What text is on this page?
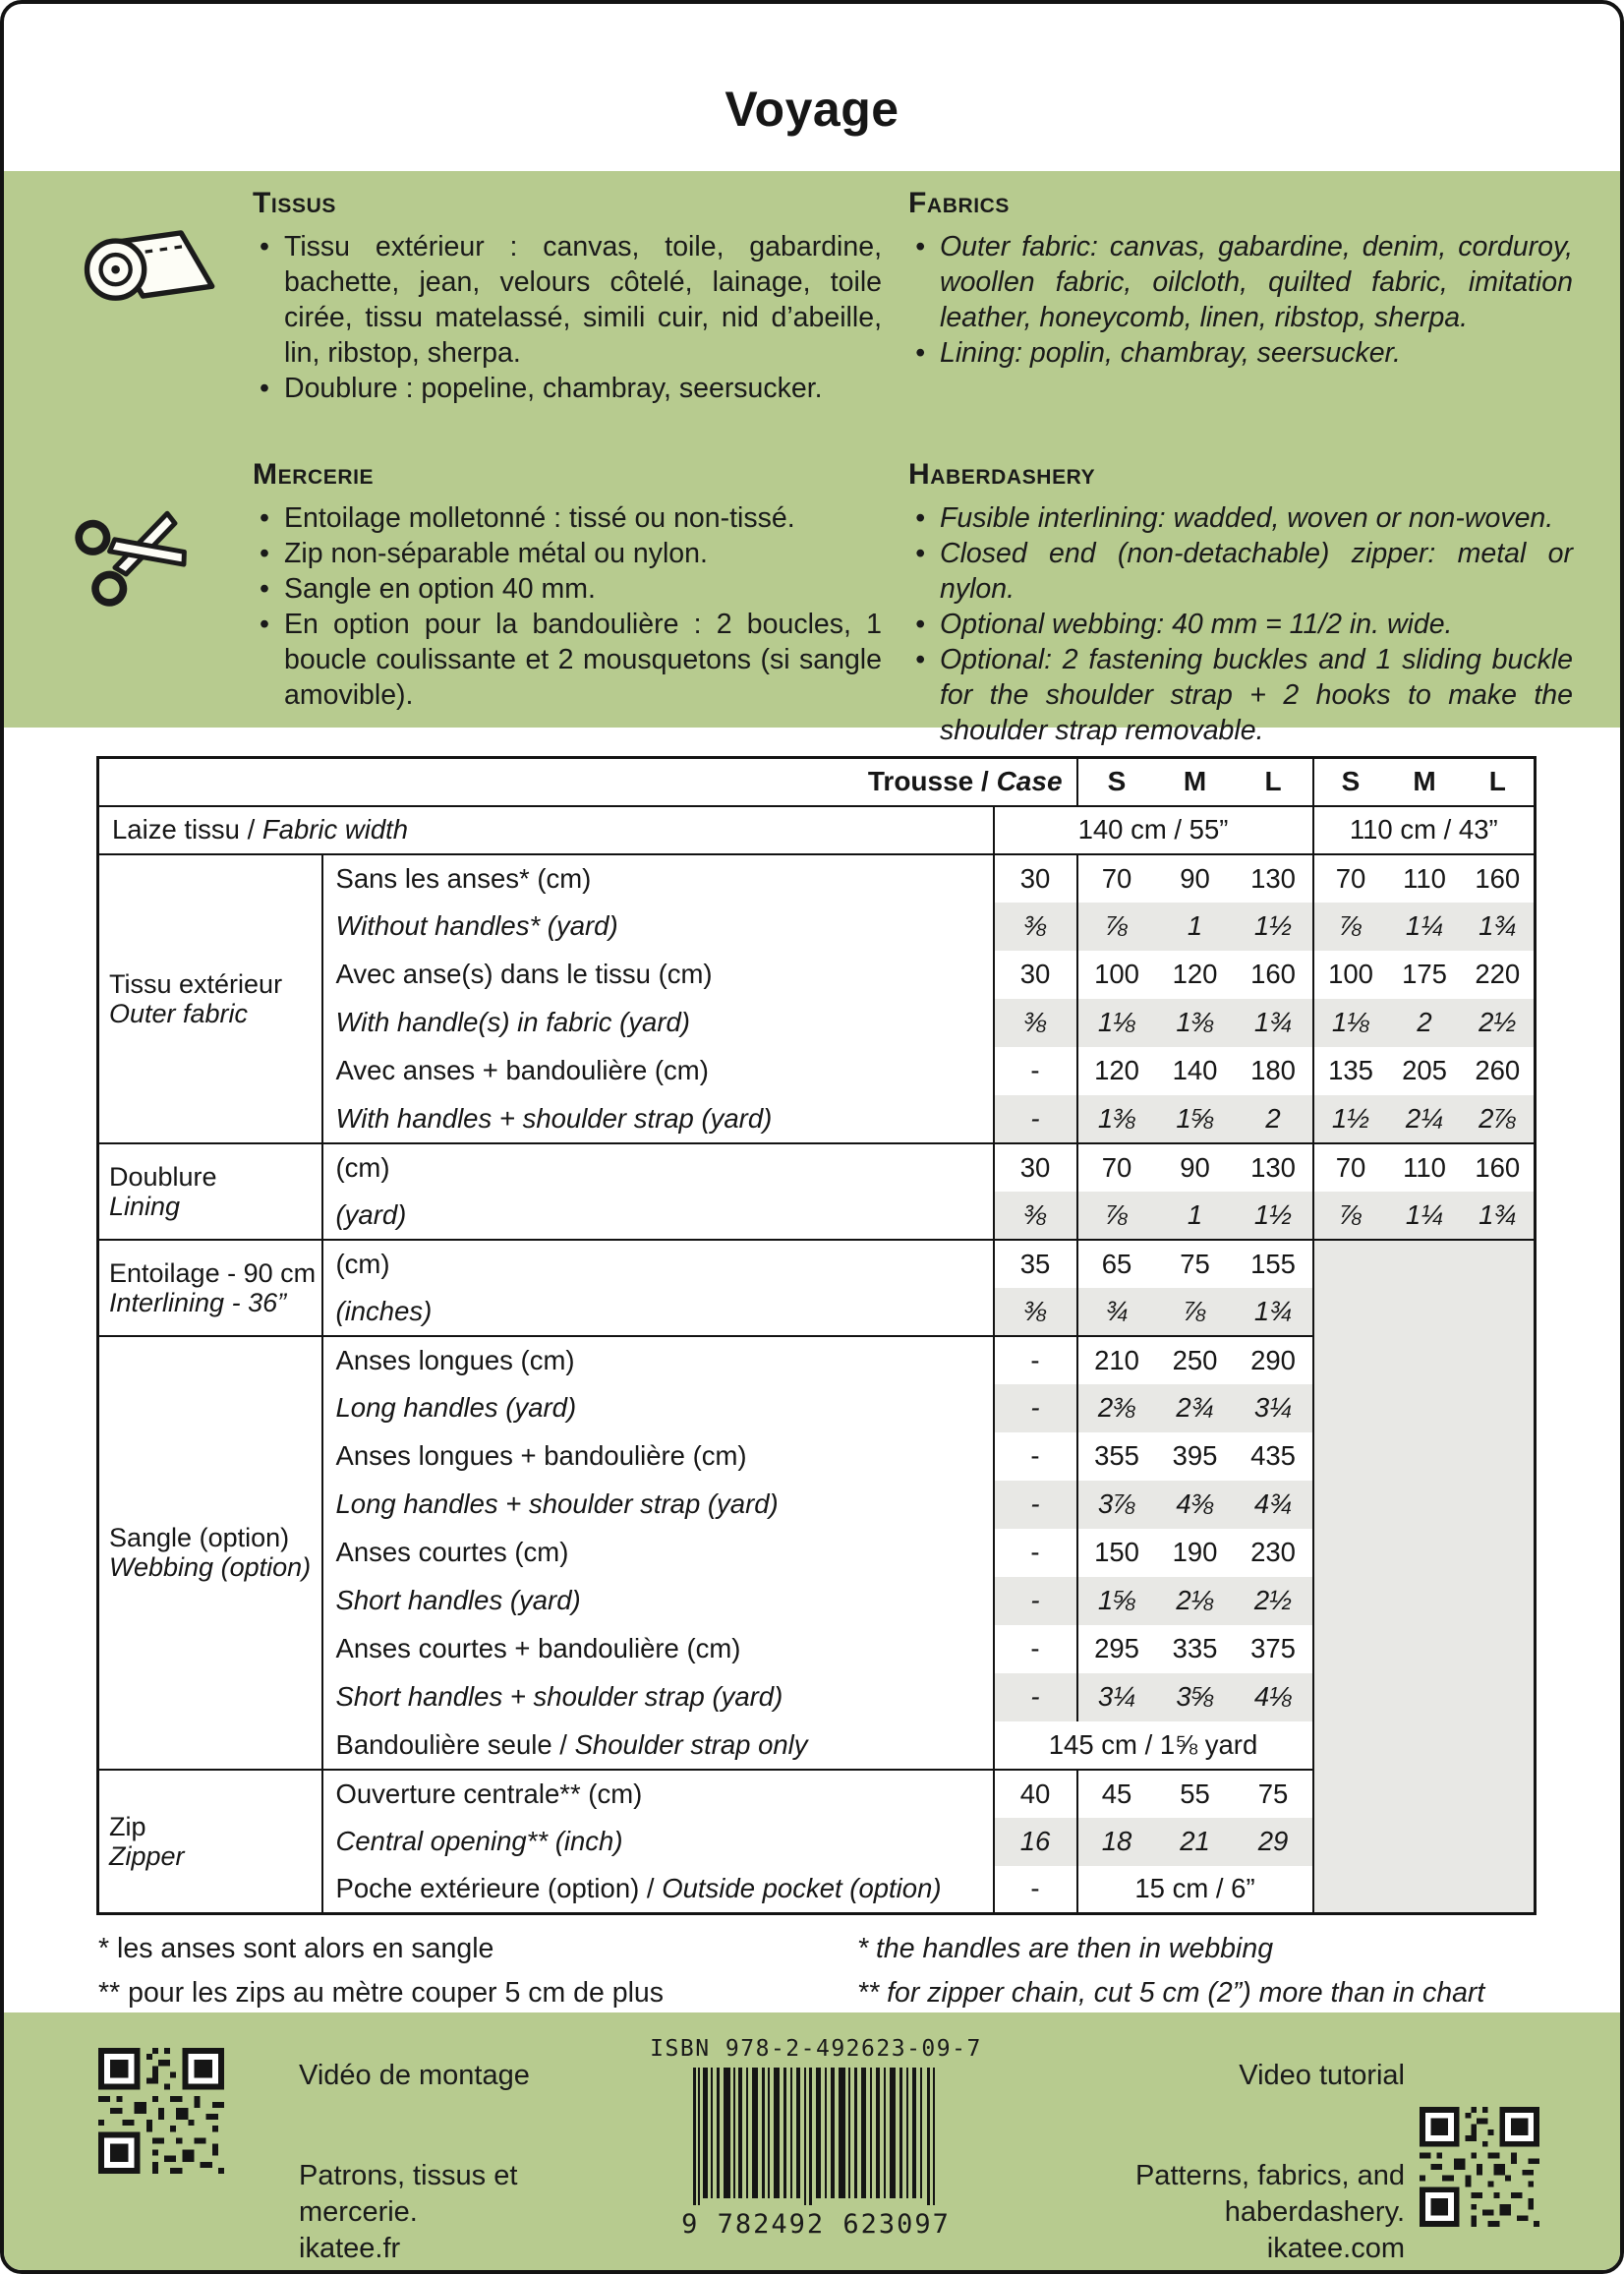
Voyage
Tissus
• Tissu extérieur : canvas, toile, gabardine, bachette, jean, velours côtelé, lainage, toile cirée, tissu matelassé, simili cuir, nid d’abeille, lin, ribstop, sherpa.
• Doublure : popeline, chambray, seersucker.
Mercerie
• Entoilage molletonné : tissé ou non-tissé.
• Zip non-séparable métal ou nylon.
• Sangle en option 40 mm.
• En option pour la bandoulière : 2 boucles, 1 boucle coulissante et 2 mousquetons (si sangle amovible).
Fabrics
• Outer fabric: canvas, gabardine, denim, corduroy, woollen fabric, oilcloth, quilted fabric, imitation leather, honeycomb, linen, ribstop, sherpa.
• Lining: poplin, chambray, seersucker.
Haberdashery
• Fusible interlining: wadded, woven or non-woven.
• Closed end (non-detachable) zipper: metal or nylon.
• Optional webbing: 40 mm = 11/2 in. wide.
• Optional: 2 fastening buckles and 1 sliding buckle for the shoulder strap + 2 hooks to make the shoulder strap removable.
Trousse / Case			S	M	L	S	M	L
Laize tissu / Fabric width		140 cm / 55”				110 cm / 43”		

Tissu extérieur
Outer fabric	Sans les anses* (cm)	30	70	90	130	70	110	160
	Without handles* (yard)	⅜	⅞	1	1½	⅞	1¼	1¾
	Avec anse(s) dans le tissu (cm)	30	100	120	160	100	175	220
	With handle(s) in fabric (yard)	⅜	1⅛	1⅜	1¾	1⅛	2	2½
	Avec anses + bandoulière (cm)	-	120	140	180	135	205	260
	With handles + shoulder strap (yard)	-	1⅜	1⅝	2	1½	2¼	2⅞

Doublure
Lining	(cm)	30	70	90	130	70	110	160
	(yard)	⅜	⅞	1	1½	⅞	1¼	1¾

Entoilage - 90 cm
Interlining - 36”	(cm)	35	65	75	155			
	(inches)	⅜	¾	⅞	1¾			

Sangle (option)
Webbing (option)	Anses longues (cm)	-	210	250	290			
	Long handles (yard)	-	2⅜	2¾	3¼			
	Anses longues + bandoulière (cm)	-	355	395	435			
	Long handles + shoulder strap (yard)	-	3⅞	4⅜	4¾			
	Anses courtes (cm)	-	150	190	230			
	Short handles (yard)	-	1⅝	2⅛	2½			
	Anses courtes + bandoulière (cm)	-	295	335	375			
	Short handles + shoulder strap (yard)	-	3¼	3⅝	4⅛			
	Bandoulière seule / Shoulder strap only	145 cm / 1⅝ yard						

Zip
Zipper	Ouverture centrale** (cm)	40	45	55	75			
	Central opening** (inch)	16	18	21	29			
	Poche extérieure (option) / Outside pocket (option)	-	15 cm / 6”					
* les anses sont alors en sangle
** pour les zips au mètre couper 5 cm de plus
* the handles are then in webbing
** for zipper chain, cut 5 cm (2”) more than in chart
Vidéo de montage
Patrons, tissus et
mercerie.
ikatee.fr
ISBN 978-2-492623-09-7
9 782492 623097
Video tutorial
Patterns, fabrics, and
haberdashery.
ikatee.com
